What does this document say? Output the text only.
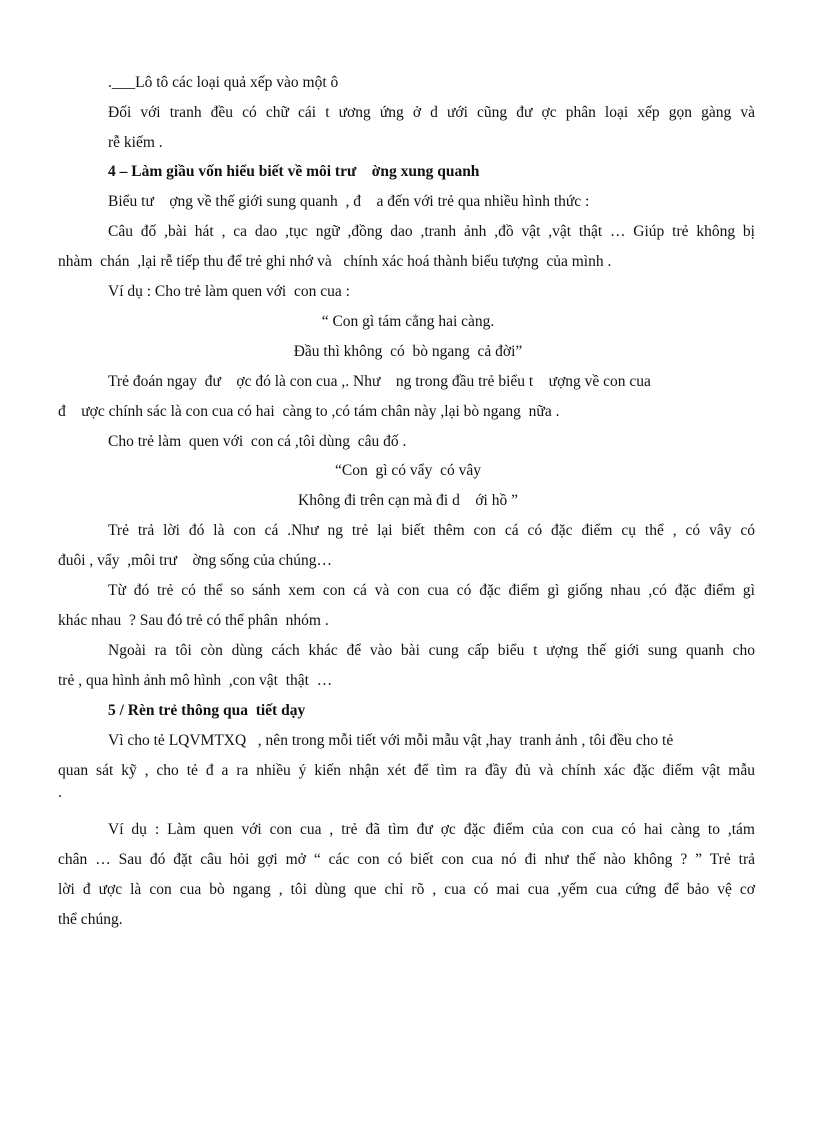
.___Lô tô các loại quả xếp vào một ô
Đối với tranh đều có chữ cái t ương ứng ở d ưới cũng đư ợc phân loại xếp gọn gàng và
rễ kiếm .
4 – Làm giầu vốn hiểu biết về môi trư    ờng xung quanh
Biểu tư    ợng về thế giới sung quanh  , đ    a đến với trẻ qua nhiều hình thức :
Câu đố ,bài hát , ca dao ,tục ngữ ,đồng dao ,tranh ảnh ,đồ vật ,vật thật … Giúp trẻ không bị
nhàm  chán  ,lại rễ tiếp thu để trẻ ghi nhớ và   chính xác hoá thành biểu tượng  của mình .
Ví dụ : Cho trẻ làm quen với  con cua :
“ Con gì tám cẳng hai càng.
Đầu thì không  có  bò ngang  cả đời”
Trẻ đoán ngay  đư    ợc đó là con cua ,. Như    ng trong đầu trẻ biểu t    ượng về con cua
đ    ược chính sác là con cua có hai  càng to ,có tám chân này ,lại bò ngang  nữa .
Cho trẻ làm  quen với  con cá ,tôi dùng  câu đố .
“Con  gì có vẩy  có vây
Không đi trên cạn mà đi d    ới hồ ”
Trẻ trả lời đó là con cá .Như ng trẻ lại biết thêm con cá có đặc điểm cụ thể , có vây có
đuôi , vẩy  ,môi trư    ờng sống của chúng…
Từ đó trẻ có thể so sánh xem con cá và con cua có đặc điểm gì giống nhau ,có đặc điểm gì
khác nhau  ? Sau đó trẻ có thể phân  nhóm .
Ngoài ra tôi còn dùng cách khác để vào bài cung cấp biểu t ượng thế giới sung quanh cho
trẻ , qua hình ảnh mô hình  ,con vật  thật  …
5 / Rèn trẻ thông qua  tiết dạy
Vì cho tẻ LQVMTXQ   , nên trong mỗi tiết với mỗi mẫu vật ,hay  tranh ảnh , tôi đều cho tẻ
quan sát kỹ , cho tẻ đ a ra nhiều ý kiến nhận xét để tìm ra đầy đủ và chính xác đặc điểm vật mẫu
.
Ví dụ : Làm quen với con cua , trẻ đã tìm đư ợc đặc điểm của con cua có hai càng to ,tám
chân … Sau đó đặt câu hỏi gợi mở “ các con có biết con cua nó đi như thế nào không ? ” Trẻ trả
lời đ ược là con cua bò ngang , tôi dùng que chỉ rõ , cua có mai cua ,yếm cua cứng để bảo vệ cơ
thể chúng.
